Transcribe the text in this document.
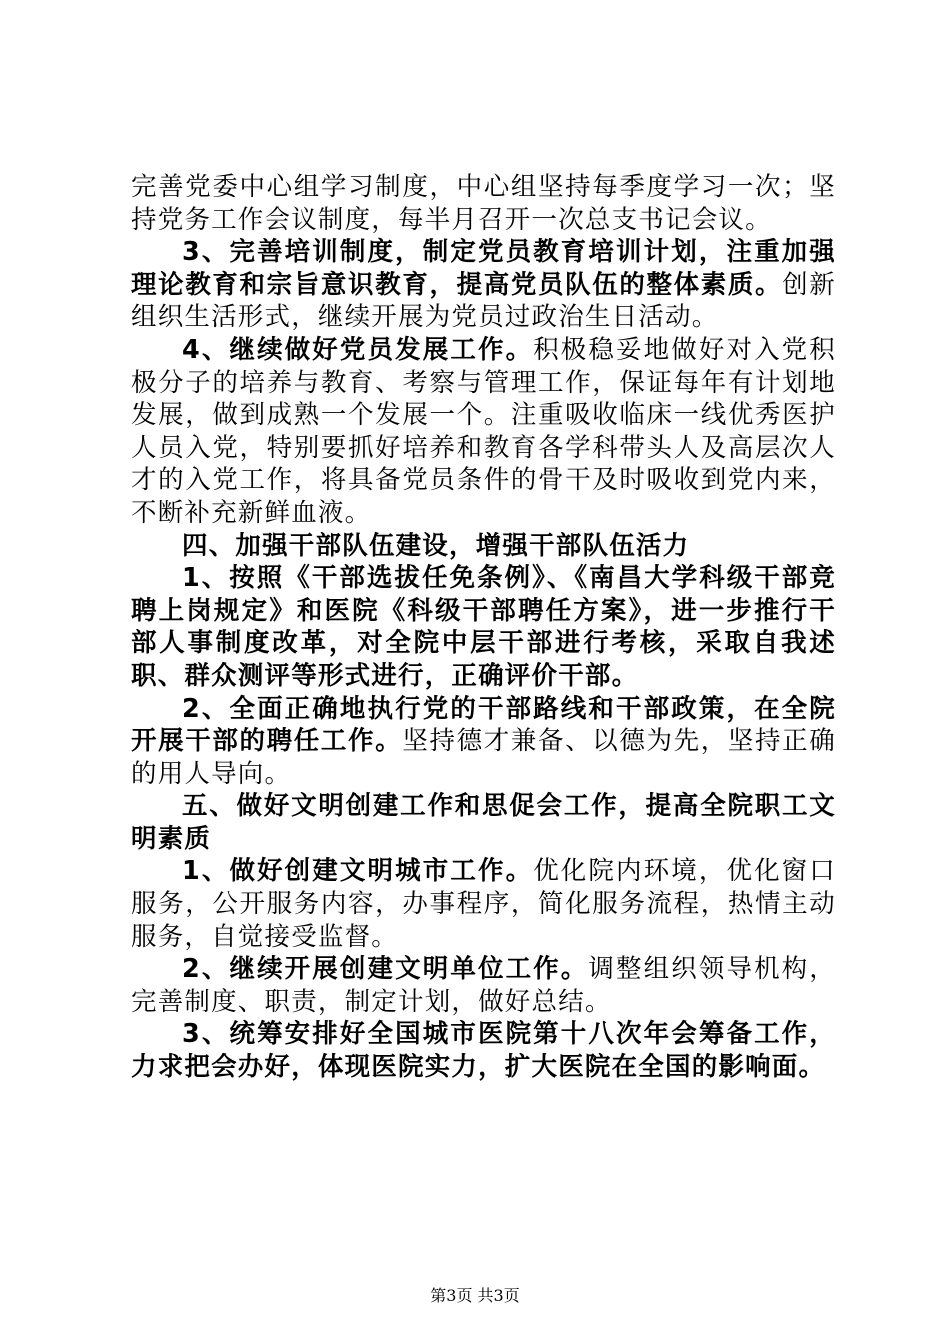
完善党委中心组学习制度，中心组坚持每季度学习一次；坚持党务工作会议制度，每半月召开一次总支书记会议。

3、完善培训制度，制定党员教育培训计划，注重加强理论教育和宗旨意识教育，提高党员队伍的整体素质。创新组织生活形式，继续开展为党员过政治生日活动。

4、继续做好党员发展工作。积极稳妥地做好对入党积极分子的培养与教育、考察与管理工作，保证每年有计划地发展，做到成熟一个发展一个。注重吸收临床一线优秀医护人员入党，特别要抓好培养和教育各学科带头人及高层次人才的入党工作，将具备党员条件的骨干及时吸收到党内来，不断补充新鲜血液。

四、加强干部队伍建设，增强干部队伍活力

1、按照《干部选拔任免条例》、《南昌大学科级干部竞聘上岗规定》和医院《科级干部聘任方案》，进一步推行干部人事制度改革，对全院中层干部进行考核，采取自我述职、群众测评等形式进行，正确评价干部。

2、全面正确地执行党的干部路线和干部政策，在全院开展干部的聘任工作。坚持德才兼备、以德为先，坚持正确的用人导向。

五、做好文明创建工作和思促会工作，提高全院职工文明素质

1、做好创建文明城市工作。优化院内环境，优化窗口服务，公开服务内容，办事程序，简化服务流程，热情主动服务，自觉接受监督。

2、继续开展创建文明单位工作。调整组织领导机构，完善制度、职责，制定计划，做好总结。

3、统筹安排好全国城市医院第十八次年会筹备工作，力求把会办好，体现医院实力，扩大医院在全国的影响面。

第3页 共3页
